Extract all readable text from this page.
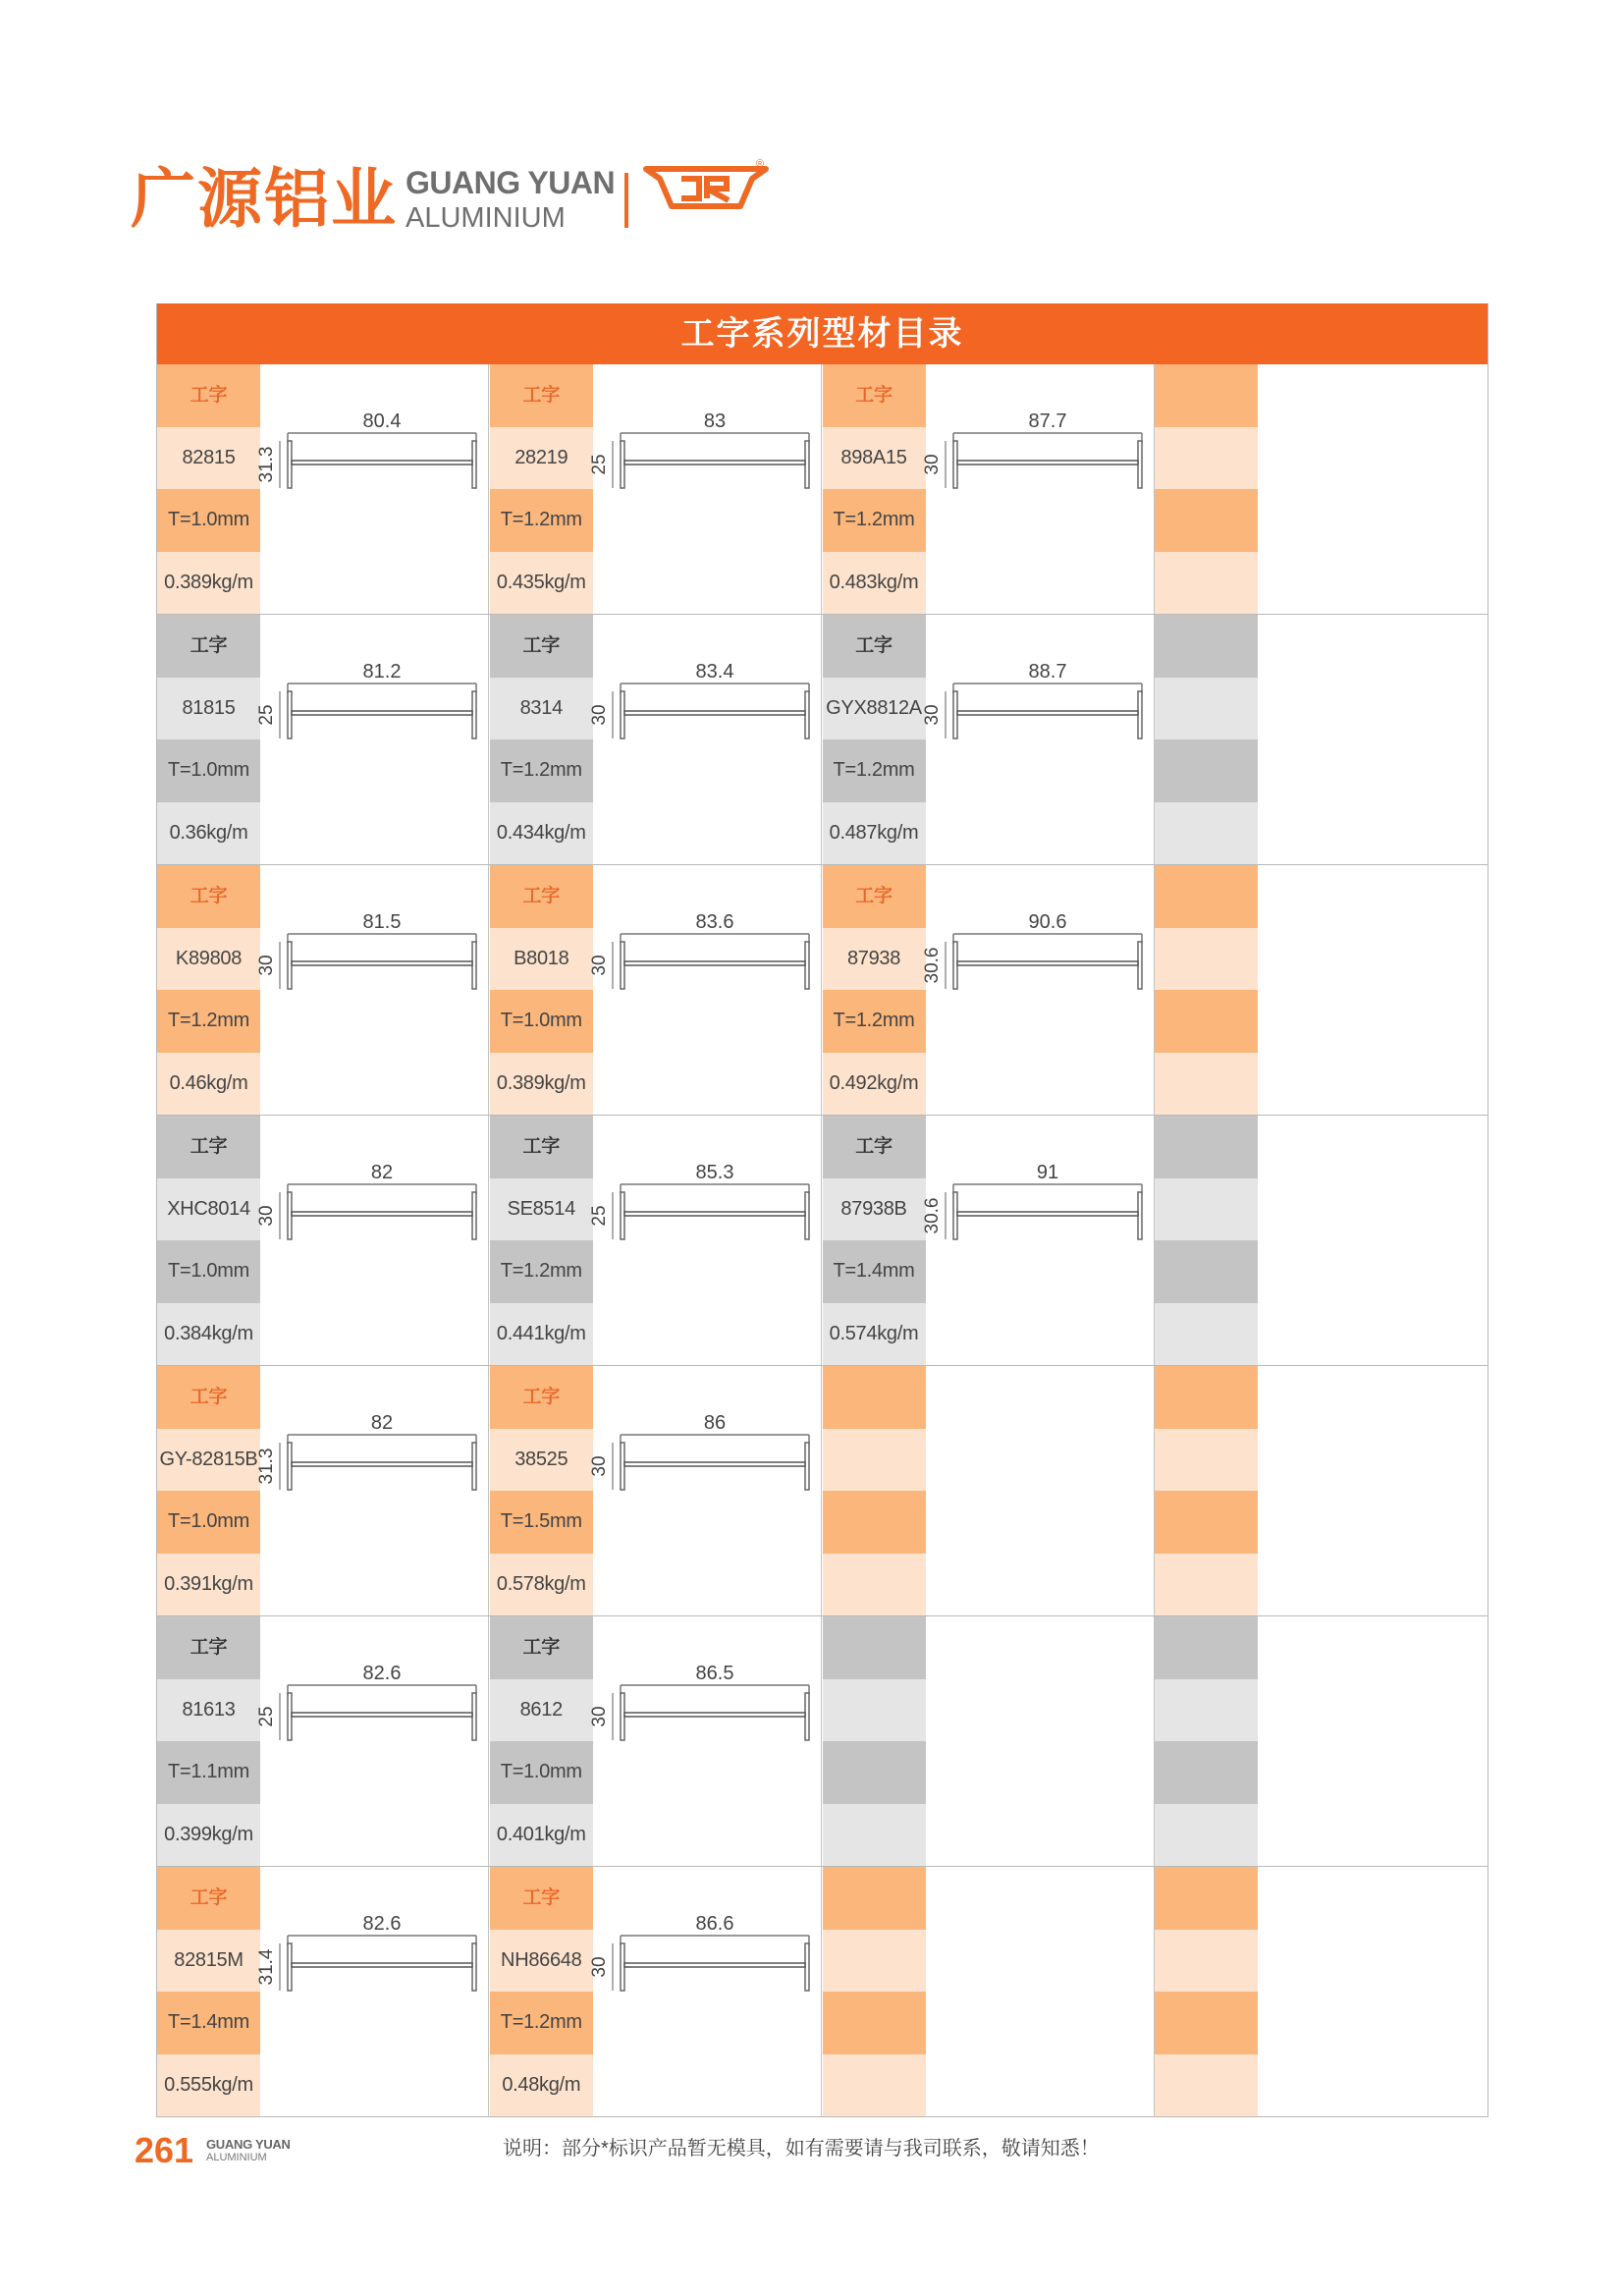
广源铝业 GUANG YUAN
ALUMINIUM
®
工字系列型材目录
工字
82815
T=1.0mm
0.389kg/m
80.4
31.3
工字
28219
T=1.2mm
0.435kg/m
83
25
工字
898A15
T=1.2mm
0.483kg/m
87.7
30
工字
81815
T=1.0mm
0.36kg/m
81.2
25
工字
8314
T=1.2mm
0.434kg/m
83.4
30
工字
GYX8812A
T=1.2mm
0.487kg/m
88.7
30
工字
K89808
T=1.2mm
0.46kg/m
81.5
30
工字
B8018
T=1.0mm
0.389kg/m
83.6
30
工字
87938
T=1.2mm
0.492kg/m
90.6
30.6
工字
XHC8014
T=1.0mm
0.384kg/m
82
30
工字
SE8514
T=1.2mm
0.441kg/m
85.3
25
工字
87938B
T=1.4mm
0.574kg/m
91
30.6
工字
GY-82815B
T=1.0mm
0.391kg/m
82
31.3
工字
38525
T=1.5mm
0.578kg/m
86
30
工字
81613
T=1.1mm
0.399kg/m
82.6
25
工字
8612
T=1.0mm
0.401kg/m
86.5
30
工字
82815M
T=1.4mm
0.555kg/m
82.6
31.4
工字
NH86648
T=1.2mm
0.48kg/m
86.6
30
261 GUANG YUAN
ALUMINIUM	说明：部分*标识产品暂无模具，如有需要请与我司联系，敬请知悉！
